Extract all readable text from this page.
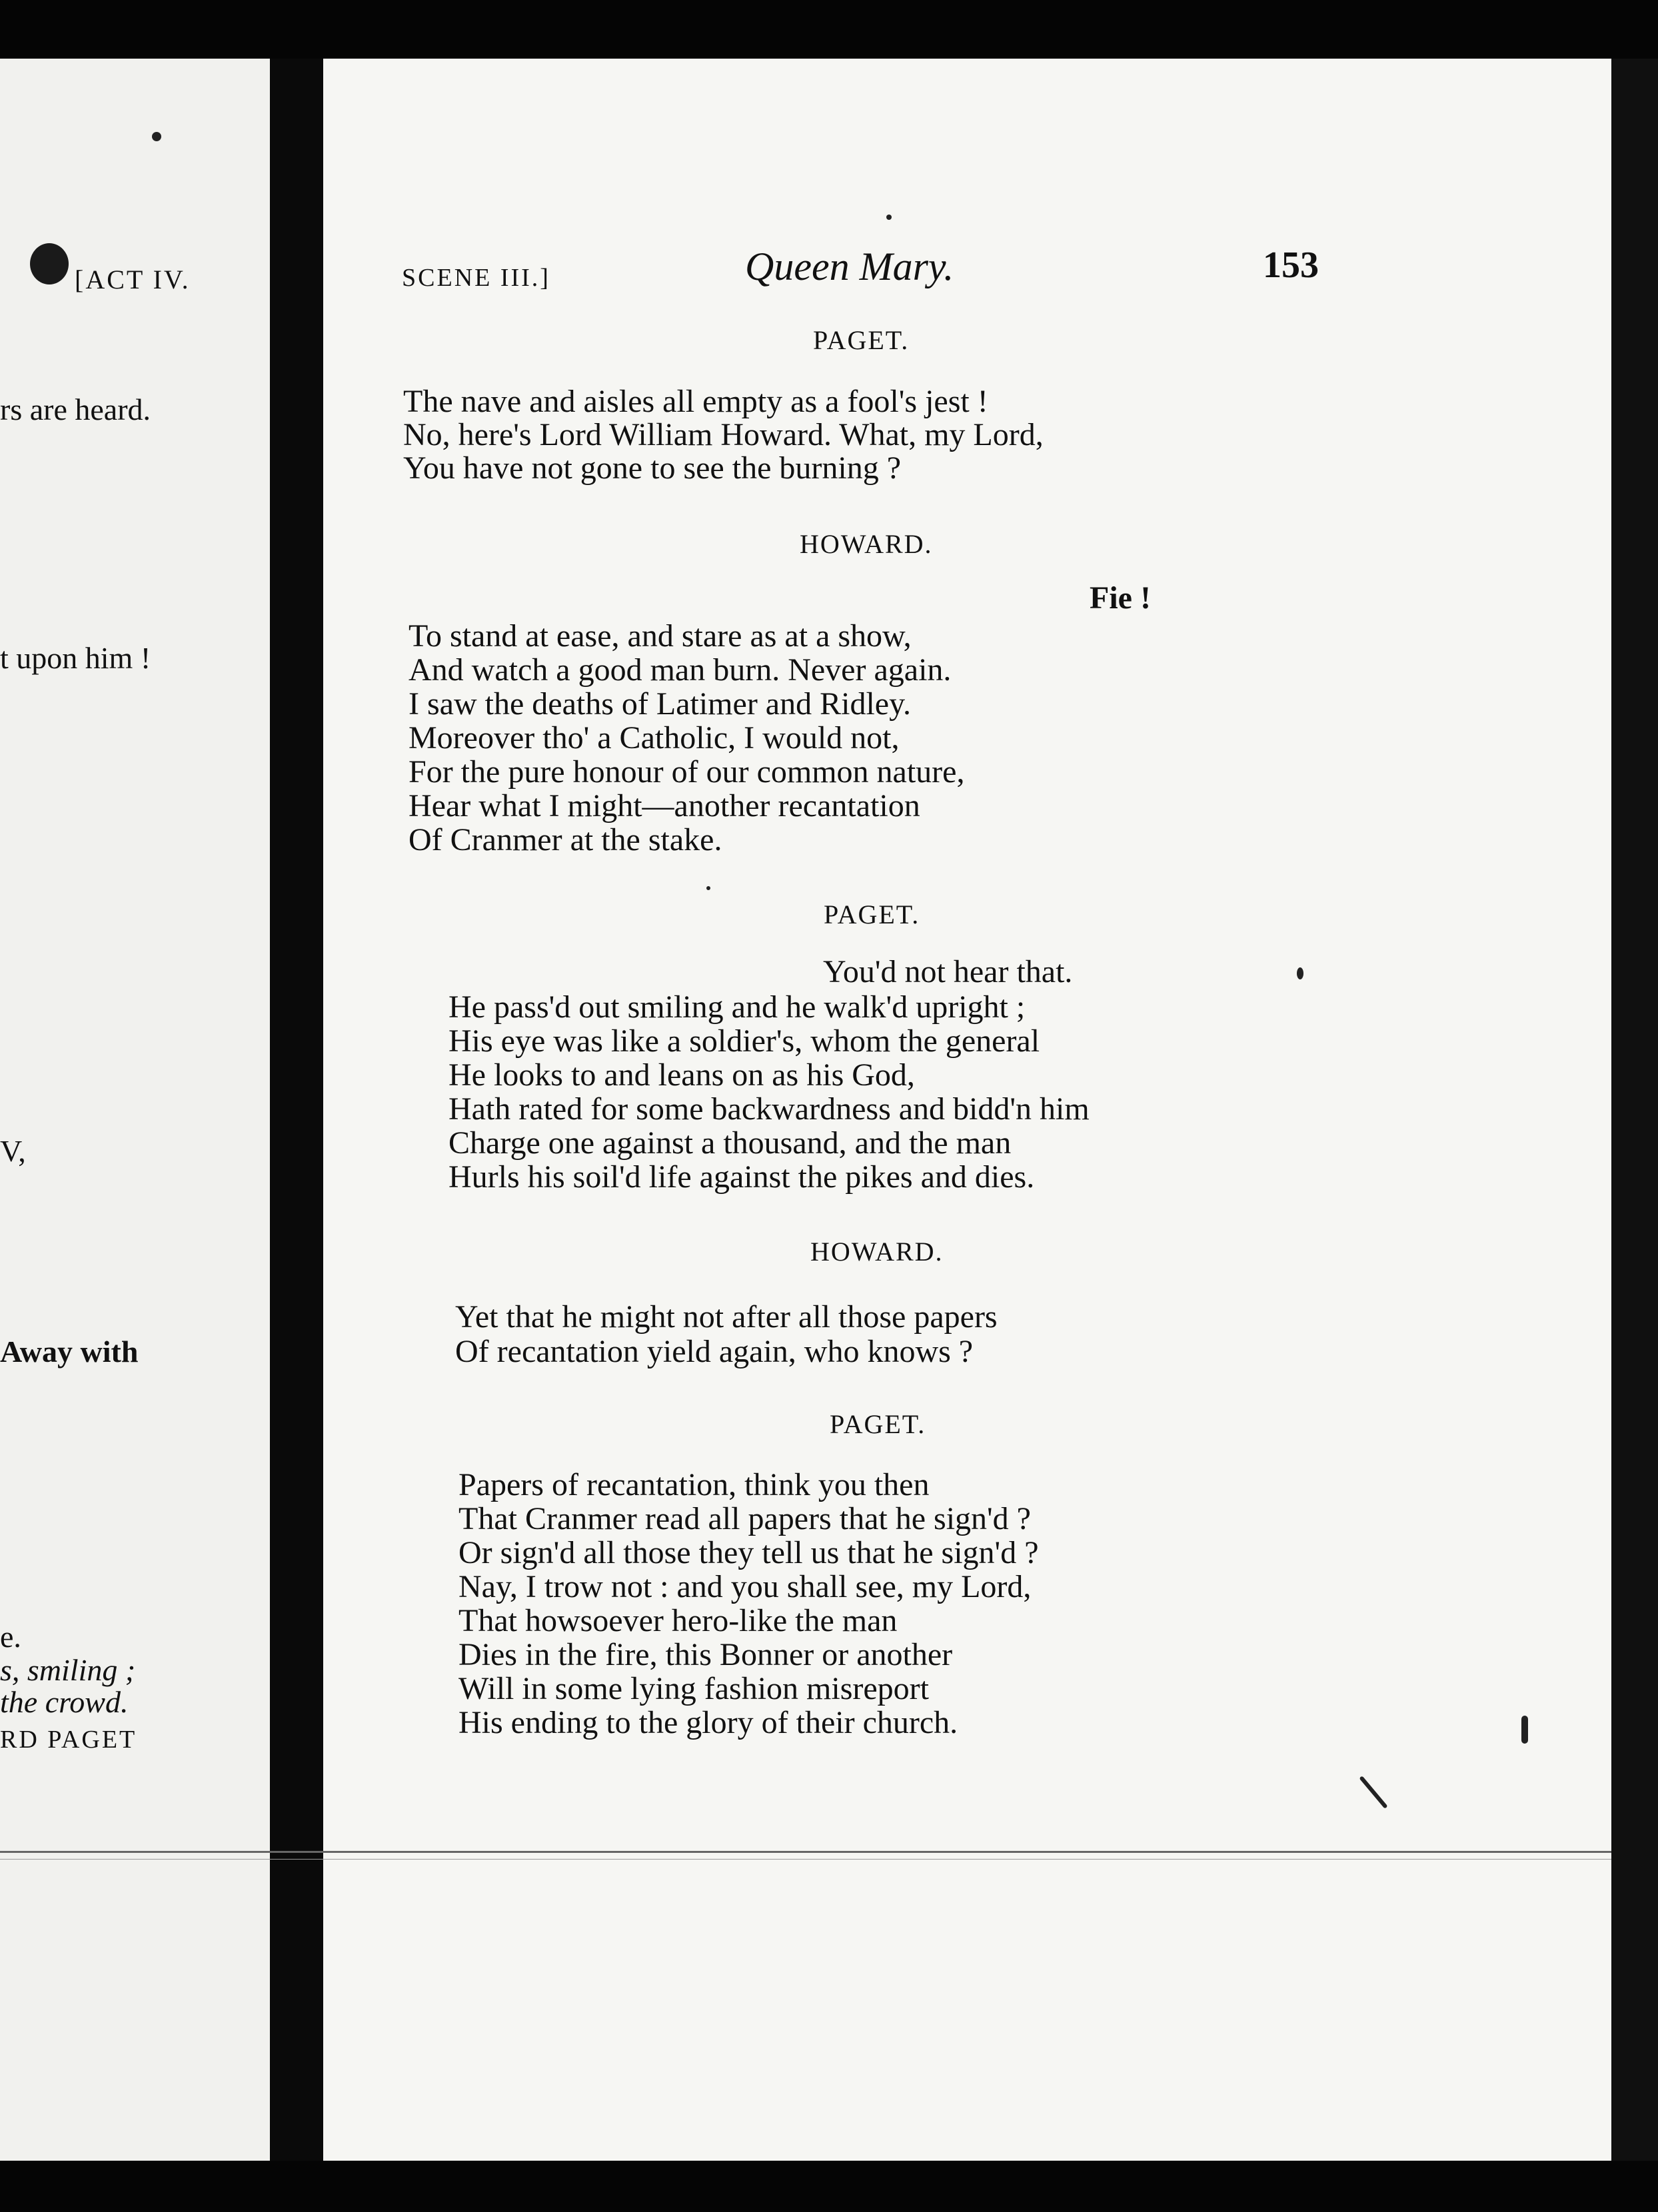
[ACT IV.
rs are heard.
t upon him !
V,
Away with
e.
s, smiling ;
the crowd.
RD PAGET
SCENE III.]	Queen Mary.	153
PAGET.
The nave and aisles all empty as a fool's jest !
No, here's Lord William Howard. What, my Lord,
You have not gone to see the burning ?
HOWARD.
Fie !
To stand at ease, and stare as at a show,
And watch a good man burn. Never again.
I saw the deaths of Latimer and Ridley.
Moreover tho' a Catholic, I would not,
For the pure honour of our common nature,
Hear what I might—another recantation
Of Cranmer at the stake.
PAGET.
You'd not hear that.
He pass'd out smiling and he walk'd upright ;
His eye was like a soldier's, whom the general
He looks to and leans on as his God,
Hath rated for some backwardness and bidd'n him
Charge one against a thousand, and the man
Hurls his soil'd life against the pikes and dies.
HOWARD.
Yet that he might not after all those papers
Of recantation yield again, who knows ?
PAGET.
Papers of recantation, think you then
That Cranmer read all papers that he sign'd ?
Or sign'd all those they tell us that he sign'd ?
Nay, I trow not : and you shall see, my Lord,
That howsoever hero-like the man
Dies in the fire, this Bonner or another
Will in some lying fashion misreport
His ending to the glory of their church.
